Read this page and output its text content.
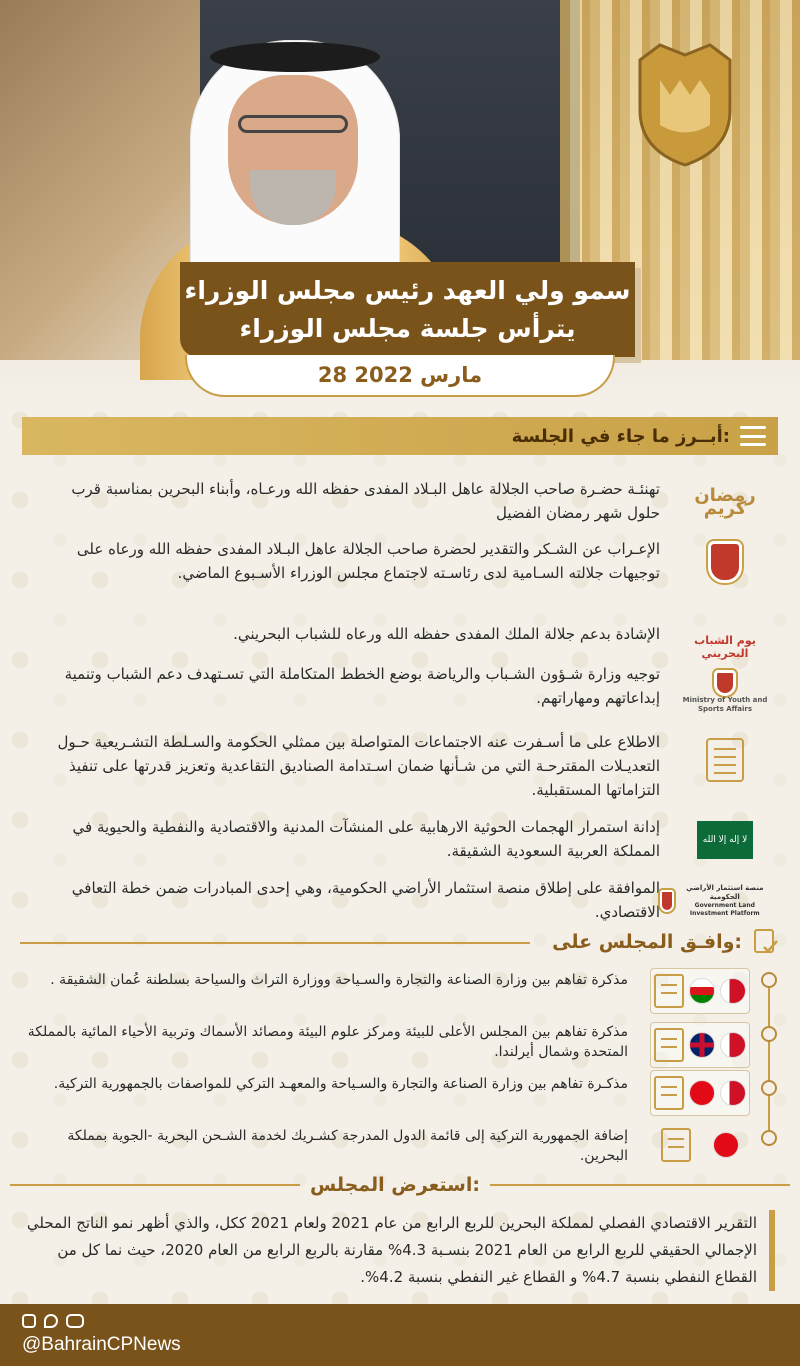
سمو ولي العهد رئيس مجلس الوزراء
يترأس جلسة مجلس الوزراء
28 مارس 2022
أبــرز ما جاء في الجلسة:
رمضان كريم
تهنئـة حضـرة صاحب الجلالة عاهل البـلاد المفدى حفظه الله ورعـاه، وأبناء البحرين بمناسبة قرب حلول شهر رمضان الفضيل
الإعـراب عن الشـكر والتقدير لحضرة صاحب الجلالة عاهل البـلاد المفدى حفظه الله ورعاه على توجيهات جلالته السـامية لدى رئاسـته لاجتماع مجلس الوزراء الأسـبوع الماضي.
يوم الشباب البحريني
الإشادة بدعم جلالة الملك المفدى حفظه الله ورعاه للشباب البحريني.
Ministry of Youth and Sports Affairs
توجيه وزارة شـؤون الشـباب والرياضة بوضع الخطط المتكاملة التي تسـتهدف دعم الشباب وتنمية إبداعاتهم ومهاراتهم.
الاطلاع على ما أسـفرت عنه الاجتماعات المتواصلة بين ممثلي الحكومة والسـلطة التشـريعية حـول التعديـلات المقترحـة التي من شـأنها ضمان اسـتدامة الصناديق التقاعدية وتعزيز قدرتها على تنفيذ التزاماتها المستقبلية.
لا إله إلا الله
إدانة استمرار الهجمات الحوثية الارهابية على المنشآت المدنية والاقتصادية والنفطية والحيوية في المملكة العربية السعودية الشقيقة.
منصة استثمار الأراضي الحكومية
Government Land Investment Platform
الموافقة على إطلاق منصة استثمار الأراضي الحكومية، وهي إحدى المبادرات ضمن خطة التعافي الاقتصادي.
وافـق المجلس على:
مذكرة تفاهم بين وزارة الصناعة والتجارة والسـياحة ووزارة التراث والسياحة بسلطنة عُمان الشقيقة .
مذكرة تفاهم بين المجلس الأعلى للبيئة ومركز علوم البيئة ومصائد الأسماك وتربية الأحياء المائية بالمملكة المتحدة وشمال أيرلندا.
مذكـرة تفاهم بين وزارة الصناعة والتجارة والسـياحة والمعهـد التركي للمواصفات بالجمهورية التركية.
إضافة الجمهورية التركية إلى قائمة الدول المدرجة كشـريك لخدمة الشـحن البحرية -الجوية بمملكة البحرين.
استعرض المجلس:
التقرير الاقتصادي الفصلي لمملكة البحرين للربع الرابع من عام 2021 ولعام 2021 ككل، والذي أظهر نمو الناتج المحلي الإجمالي الحقيقي للربع الرابع من العام 2021 بنسـبة 4.3% مقارنة بالربع الرابع من العام 2020، حيث نما كل من القطاع النفطي بنسبة 4.7% و القطاع غير النفطي بنسبة 4.2%.
@BahrainCPNews
